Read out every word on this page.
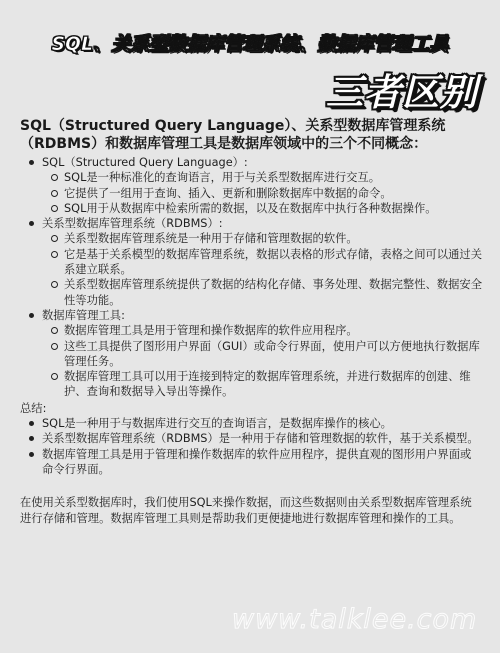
SQL、关系型数据库管理系统、数据库管理工具
三者区别
SQL（Structured Query Language）、关系型数据库管理系统（RDBMS）和数据库管理工具是数据库领域中的三个不同概念：
SQL（Structured Query Language）:
SQL是一种标准化的查询语言，用于与关系型数据库进行交互。
它提供了一组用于查询、插入、更新和删除数据库中数据的命令。
SQL用于从数据库中检索所需的数据，以及在数据库中执行各种数据操作。
关系型数据库管理系统（RDBMS）:
关系型数据库管理系统是一种用于存储和管理数据的软件。
它是基于关系模型的数据库管理系统，数据以表格的形式存储，表格之间可以通过关系建立联系。
关系型数据库管理系统提供了数据的结构化存储、事务处理、数据完整性、数据安全性等功能。
数据库管理工具:
数据库管理工具是用于管理和操作数据库的软件应用程序。
这些工具提供了图形用户界面（GUI）或命令行界面，使用户可以方便地执行数据库管理任务。
数据库管理工具可以用于连接到特定的数据库管理系统，并进行数据库的创建、维护、查询和数据导入导出等操作。
总结:
SQL是一种用于与数据库进行交互的查询语言，是数据库操作的核心。
关系型数据库管理系统（RDBMS）是一种用于存储和管理数据的软件，基于关系模型。
数据库管理工具是用于管理和操作数据库的软件应用程序，提供直观的图形用户界面或命令行界面。

在使用关系型数据库时，我们使用SQL来操作数据，而这些数据则由关系型数据库管理系统进行存储和管理。数据库管理工具则是帮助我们更便捷地进行数据库管理和操作的工具。

www.talklee.com
